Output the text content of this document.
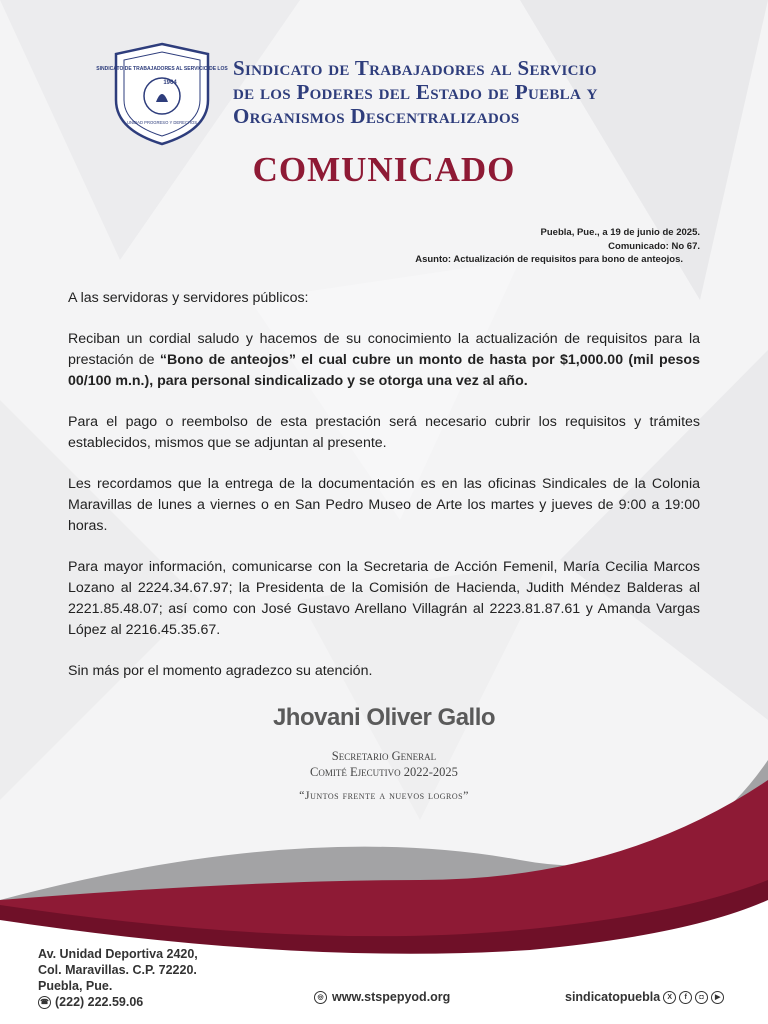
SINDICATO DE TRABAJADORES AL SERVICIO DE LOS
1964
UNIDAD PROGRESO Y DERECHOS
Sindicato de Trabajadores al Servicio
de los Poderes del Estado de Puebla y
Organismos Descentralizados
COMUNICADO
Puebla, Pue., a 19 de junio de 2025.
Comunicado: No 67.
Asunto: Actualización de requisitos para bono de anteojos.

A las servidoras y servidores públicos:

Reciban un cordial saludo y hacemos de su conocimiento la actualización de requisitos para la prestación de “Bono de anteojos” el cual cubre un monto de hasta por $1,000.00 (mil pesos 00/100 m.n.), para personal sindicalizado y se otorga una vez al año.

Para el pago o reembolso de esta prestación será necesario cubrir los requisitos y trámites establecidos, mismos que se adjuntan al presente.

Les recordamos que la entrega de la documentación es en las oficinas Sindicales de la Colonia Maravillas de lunes a viernes o en San Pedro Museo de Arte los martes y jueves de 9:00 a 19:00 horas.

Para mayor información, comunicarse con la Secretaria de Acción Femenil, María Cecilia Marcos Lozano al 2224.34.67.97; la Presidenta de la Comisión de Hacienda, Judith Méndez Balderas al 2221.85.48.07; así como con José Gustavo Arellano Villagrán al 2223.81.87.61 y Amanda Vargas López al 2216.45.35.67.

Sin más por el momento agradezco su atención.

Jhovani Oliver Gallo
Secretario General
Comité Ejecutivo 2022-2025
“Juntos frente a nuevos logros”
Av. Unidad Deportiva 2420,
Col. Maravillas. C.P. 72220.
Puebla, Pue.
☎ (222) 222.59.06	◎ www.stspepyod.org	sindicatopuebla	X	f	◘	▶
